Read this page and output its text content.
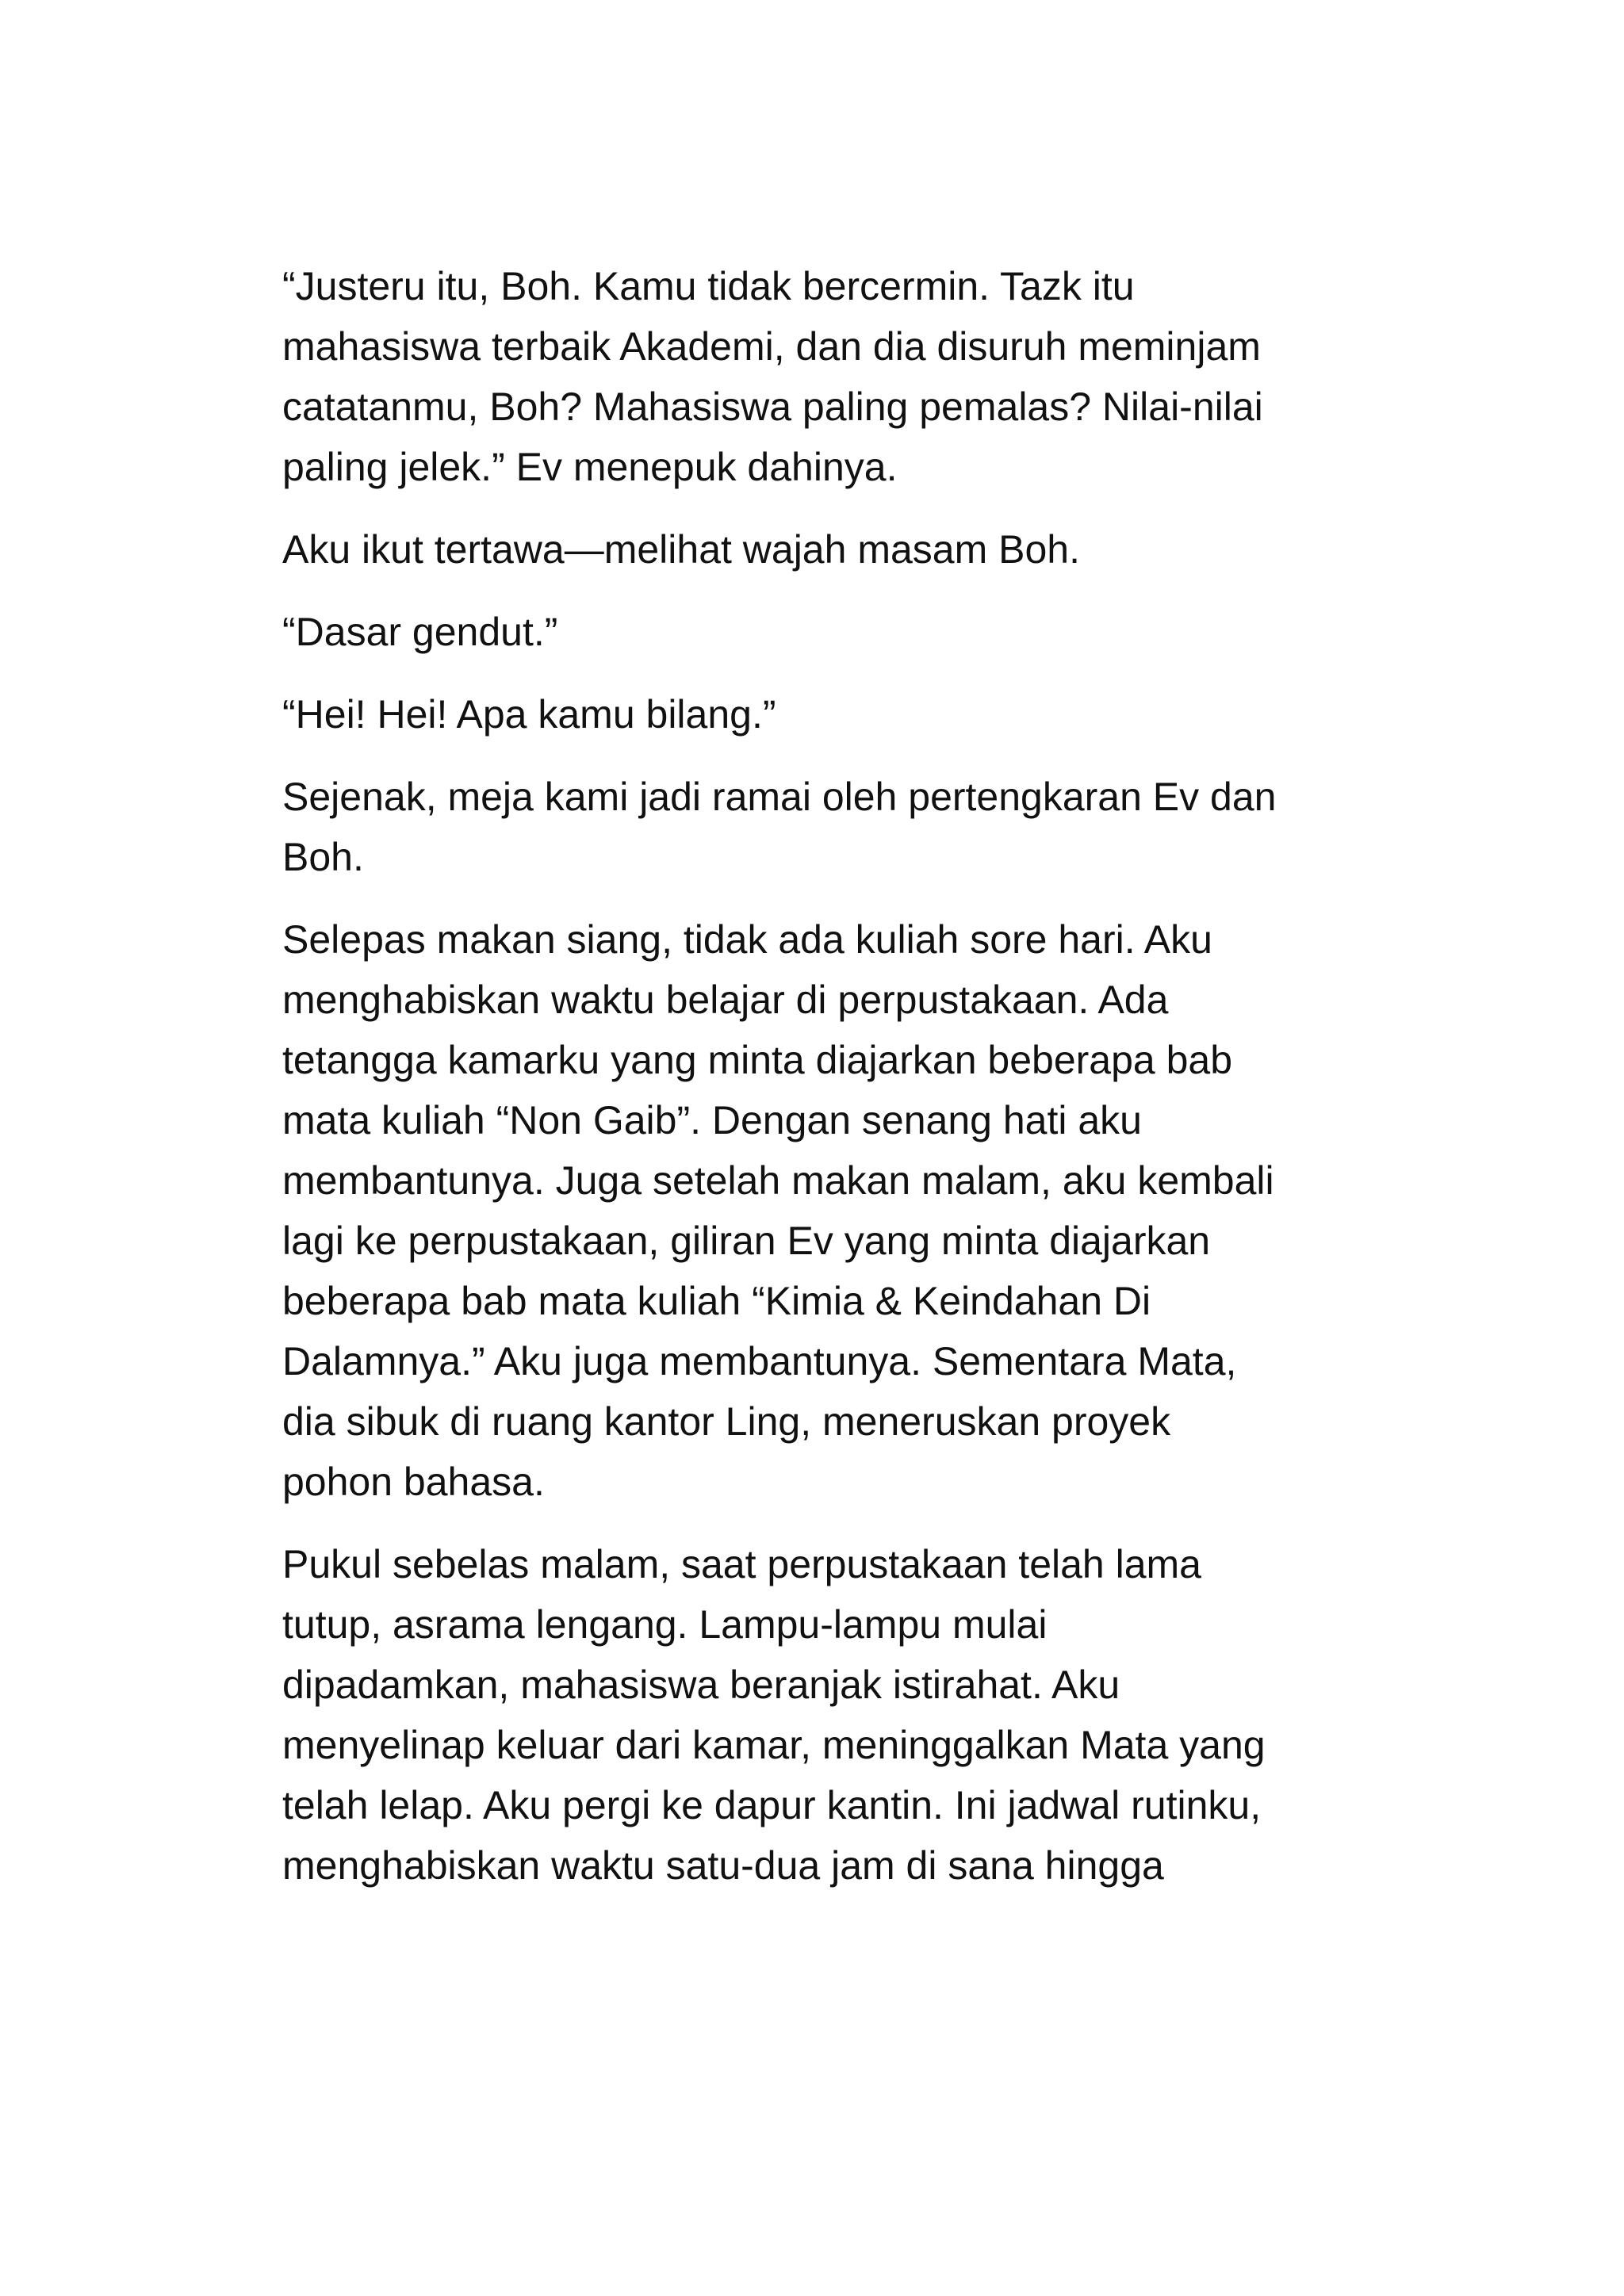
“Justeru itu, Boh. Kamu tidak bercermin. Tazk itu
mahasiswa terbaik Akademi, dan dia disuruh meminjam
catatanmu, Boh? Mahasiswa paling pemalas? Nilai-nilai
paling jelek.” Ev menepuk dahinya.

Aku ikut tertawa—melihat wajah masam Boh.

“Dasar gendut.”

“Hei! Hei! Apa kamu bilang.”

Sejenak, meja kami jadi ramai oleh pertengkaran Ev dan
Boh.

Selepas makan siang, tidak ada kuliah sore hari. Aku
menghabiskan waktu belajar di perpustakaan. Ada
tetangga kamarku yang minta diajarkan beberapa bab
mata kuliah “Non Gaib”. Dengan senang hati aku
membantunya. Juga setelah makan malam, aku kembali
lagi ke perpustakaan, giliran Ev yang minta diajarkan
beberapa bab mata kuliah “Kimia & Keindahan Di
Dalamnya.” Aku juga membantunya. Sementara Mata,
dia sibuk di ruang kantor Ling, meneruskan proyek
pohon bahasa.

Pukul sebelas malam, saat perpustakaan telah lama
tutup, asrama lengang. Lampu-lampu mulai
dipadamkan, mahasiswa beranjak istirahat. Aku
menyelinap keluar dari kamar, meninggalkan Mata yang
telah lelap. Aku pergi ke dapur kantin. Ini jadwal rutinku,
menghabiskan waktu satu-dua jam di sana hingga
